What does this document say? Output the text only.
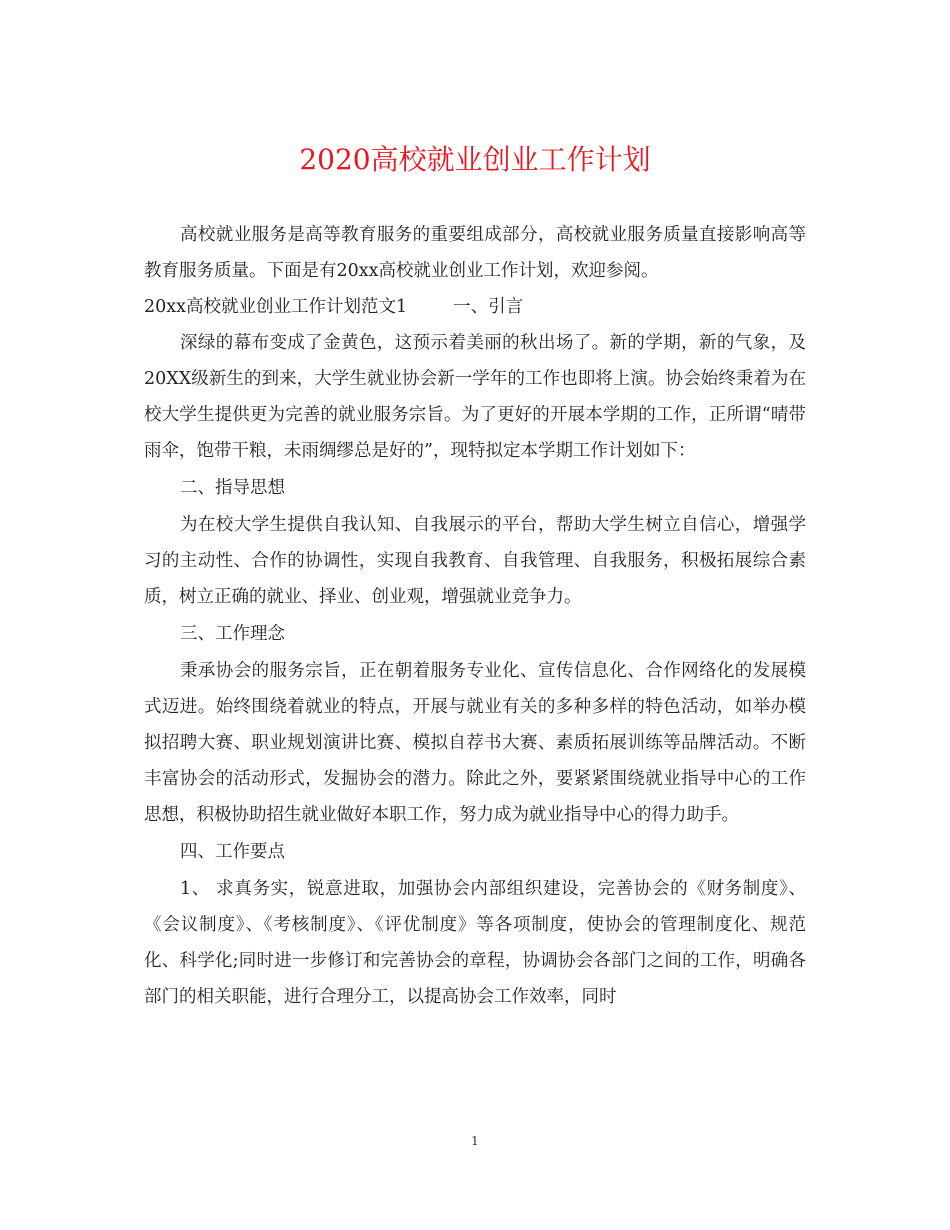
2020高校就业创业工作计划

高校就业服务是高等教育服务的重要组成部分，高校就业服务质量直接影响高等教育服务质量。下面是有20xx高校就业创业工作计划，欢迎参阅。

20xx高校就业创业工作计划范文1	一、引言

深绿的幕布变成了金黄色，这预示着美丽的秋出场了。新的学期，新的气象，及20XX级新生的到来，大学生就业协会新一学年的工作也即将上演。协会始终秉着为在校大学生提供更为完善的就业服务宗旨。为了更好的开展本学期的工作，正所谓“晴带雨伞，饱带干粮，未雨绸缪总是好的”，现特拟定本学期工作计划如下：

二、指导思想

为在校大学生提供自我认知、自我展示的平台，帮助大学生树立自信心，增强学习的主动性、合作的协调性，实现自我教育、自我管理、自我服务，积极拓展综合素质，树立正确的就业、择业、创业观，增强就业竞争力。

三、工作理念

秉承协会的服务宗旨，正在朝着服务专业化、宣传信息化、合作网络化的发展模式迈进。始终围绕着就业的特点，开展与就业有关的多种多样的特色活动，如举办模拟招聘大赛、职业规划演讲比赛、模拟自荐书大赛、素质拓展训练等品牌活动。不断丰富协会的活动形式，发掘协会的潜力。除此之外，要紧紧围绕就业指导中心的工作思想，积极协助招生就业做好本职工作，努力成为就业指导中心的得力助手。

四、工作要点

1、 求真务实，锐意进取，加强协会内部组织建设，完善协会的《财务制度》、《会议制度》、《考核制度》、《评优制度》等各项制度，使协会的管理制度化、规范化、科学化;同时进一步修订和完善协会的章程，协调协会各部门之间的工作，明确各部门的相关职能，进行合理分工，以提高协会工作效率，同时

1
